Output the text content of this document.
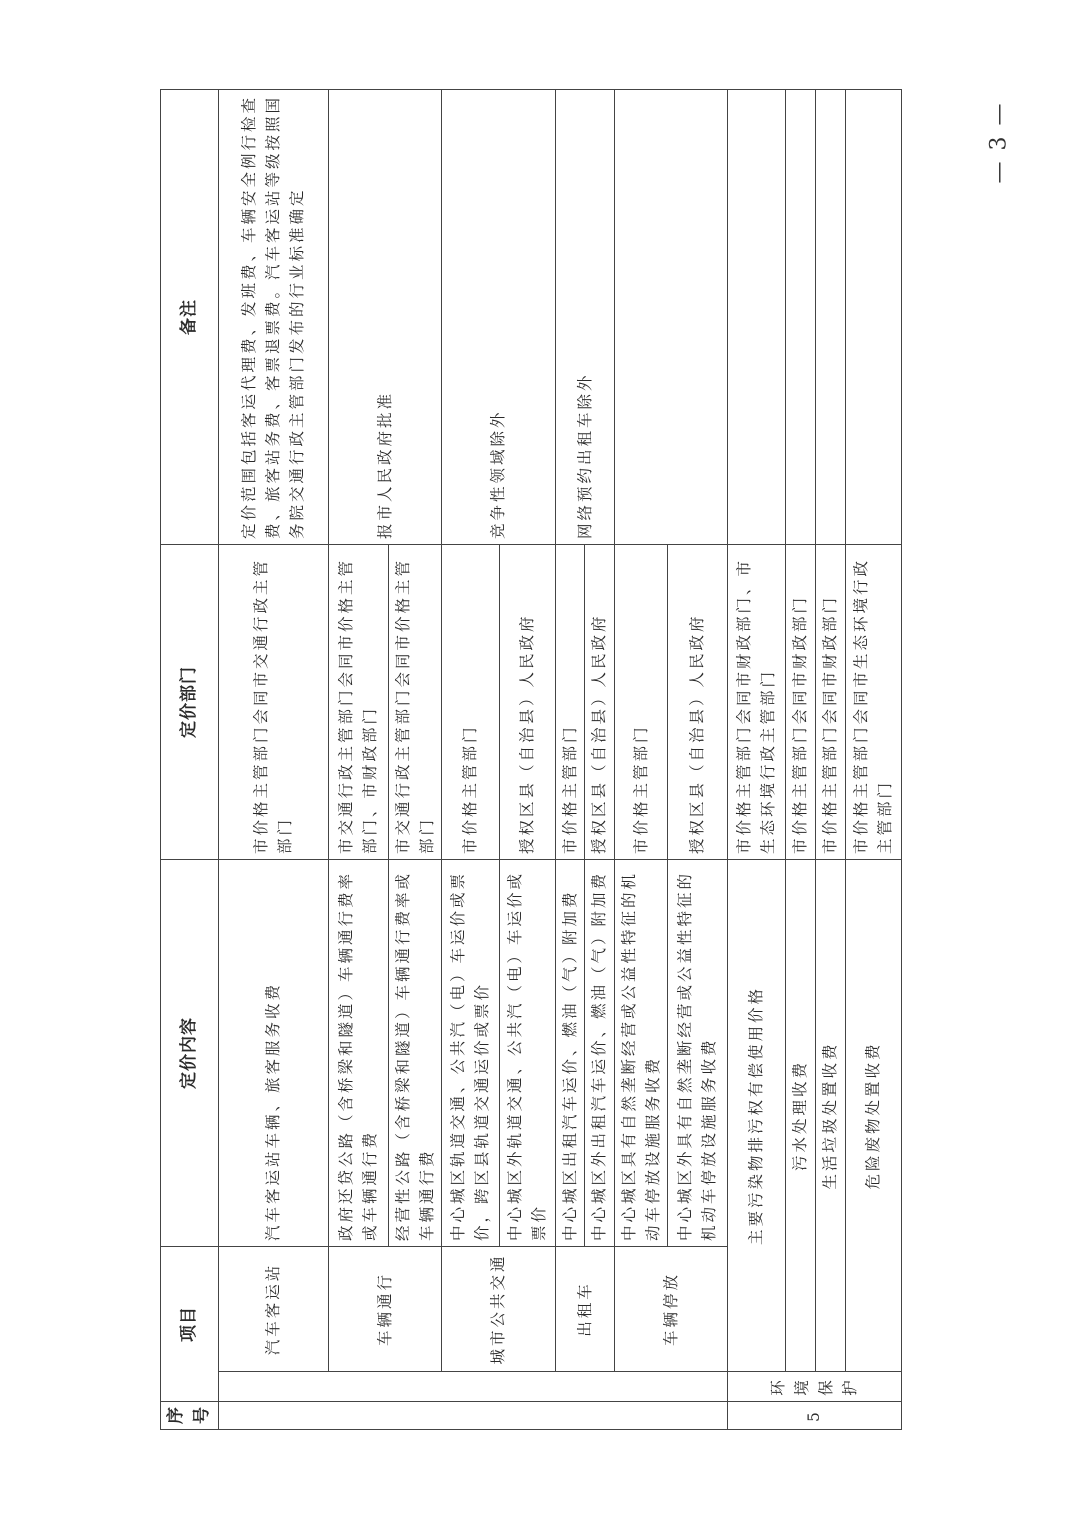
序号	项目		定价内容	定价部门	备注
		汽车客运站	汽车客运站车辆、旅客服务收费	市价格主管部门会同市交通行政主管部门	定价范围包括客运代理费、发班费、车辆安全例行检查费、旅客站务费、客票退票费。汽车客运站等级按照国务院交通行政主管部门发布的行业标准确定
		车辆通行	政府还贷公路（含桥梁和隧道）车辆通行费率或车辆通行费	市交通行政主管部门会同市价格主管部门、市财政部门	报市人民政府批准
			经营性公路（含桥梁和隧道）车辆通行费率或车辆通行费	市交通行政主管部门会同市价格主管部门	
		城市公共交通	中心城区轨道交通、公共汽（电）车运价或票价，跨区县轨道交通运价或票价	市价格主管部门	竞争性领域除外
			中心城区外轨道交通、公共汽（电）车运价或票价	授权区县（自治县）人民政府	
		出租车	中心城区出租汽车运价、燃油（气）附加费	市价格主管部门	网络预约出租车除外
			中心城区外出租汽车运价、燃油（气）附加费	授权区县（自治县）人民政府	
		车辆停放	中心城区具有自然垄断经营或公益性特征的机动车停放设施服务收费	市价格主管部门	
			中心城区外具有自然垄断经营或公益性特征的机动车停放设施服务收费	授权区县（自治县）人民政府	
5	环境保护	主要污染物排污权有偿使用价格		市价格主管部门会同市财政部门、市生态环境行政主管部门	
		污水处理收费		市价格主管部门会同市财政部门	
		生活垃圾处置收费		市价格主管部门会同市财政部门	
		危险废物处置收费		市价格主管部门会同市生态环境行政主管部门	
— 3 —
